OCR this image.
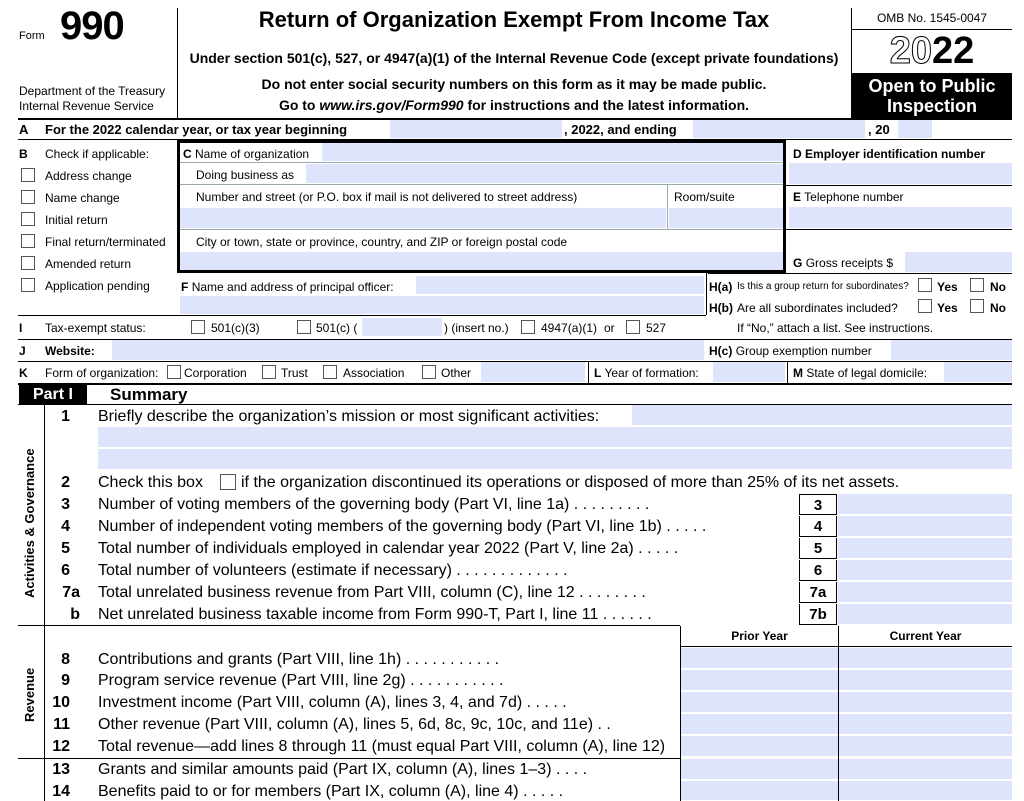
Form 990
Department of the Treasury
Internal Revenue Service
Return of Organization Exempt From Income Tax
Under section 501(c), 527, or 4947(a)(1) of the Internal Revenue Code (except private foundations)
Do not enter social security numbers on this form as it may be made public.
Go to www.irs.gov/Form990 for instructions and the latest information.
OMB No. 1545-0047
2022
Open to Public
Inspection
A For the 2022 calendar year, or tax year beginning	, 2022, and ending	, 20
B Check if applicable:
Address change
Name change
Initial return
Final return/terminated
Amended return
Application pending
C Name of organization
Doing business as
Number and street (or P.O. box if mail is not delivered to street address)	Room/suite
City or town, state or province, country, and ZIP or foreign postal code
D Employer identification number
E Telephone number
G Gross receipts $
F Name and address of principal officer:	H(a) Is this a group return for subordinates? Yes	No
H(b) Are all subordinates included?	Yes	No
If “No,” attach a list. See instructions.
I Tax-exempt status:	501(c)(3)	501(c) (	) (insert no.)	4947(a)(1) or	527
J Website:	H(c) Group exemption number
K Form of organization: Corporation	Trust	Association	Other	L Year of formation:	M State of legal domicile:
Part I	Summary
Activities & Governance
Revenue
1 Briefly describe the organization’s mission or most significant activities:
2 Check this box if the organization discontinued its operations or disposed of more than 25% of its net assets.
3 Number of voting members of the governing body (Part VI, line 1a) . . . . . . . . .	3
4 Number of independent voting members of the governing body (Part VI, line 1b) . . . . .	4
5 Total number of individuals employed in calendar year 2022 (Part V, line 2a) . . . . .	5
6 Total number of volunteers (estimate if necessary) . . . . . . . . . . . . .	6
7a Total unrelated business revenue from Part VIII, column (C), line 12 . . . . . . . .	7a
b Net unrelated business taxable income from Form 990-T, Part I, line 11 . . . . . .	7b
Prior Year	Current Year
8 Contributions and grants (Part VIII, line 1h) . . . . . . . . . . .
9 Program service revenue (Part VIII, line 2g) . . . . . . . . . . .
10 Investment income (Part VIII, column (A), lines 3, 4, and 7d) . . . . .
11 Other revenue (Part VIII, column (A), lines 5, 6d, 8c, 9c, 10c, and 11e) . .
12 Total revenue—add lines 8 through 11 (must equal Part VIII, column (A), line 12)
13 Grants and similar amounts paid (Part IX, column (A), lines 1–3) . . . .
14 Benefits paid to or for members (Part IX, column (A), line 4) . . . . .
